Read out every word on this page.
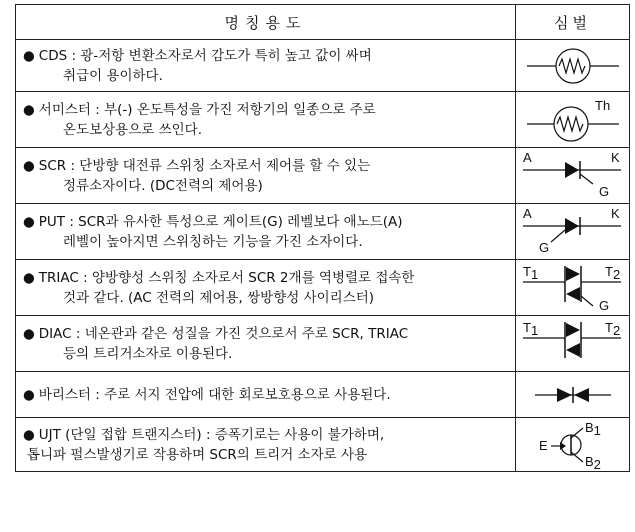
명칭용도	심벌

● CDS : 광-저항 변환소자로서 감도가 특히 높고 값이 싸며
취급이 용이하다.

● 서미스터 : 부(-) 온도특성을 가진 저항기의 일종으로 주로
온도보상용으로 쓰인다.	Th

● SCR : 단방향 대전류 스위칭 소자로서 제어를 할 수 있는
정류소자이다. (DC전력의 제어용)	A K
G

● PUT : SCR과 유사한 특성으로 게이트(G) 레벨보다 애노드(A)
레벨이 높아지면 스위칭하는 기능을 가진 소자이다.	A K
G

● TRIAC : 양방향성 스위칭 소자로서 SCR 2개를 역병렬로 접속한
것과 같다. (AC 전력의 제어용, 쌍방향성 사이리스터)	T1 T2
G

● DIAC : 네온관과 같은 성질을 가진 것으로서 주로 SCR, TRIAC
등의 트리거소자로 이용된다.	T1 T2

● 바리스터 : 주로 서지 전압에 대한 회로보호용으로 사용된다.

● UJT (단일 접합 트랜지스터) : 증폭기로는 사용이 불가하며,
톱니파 펄스발생기로 작용하며 SCR의 트리거 소자로 사용	E
B1
B2
